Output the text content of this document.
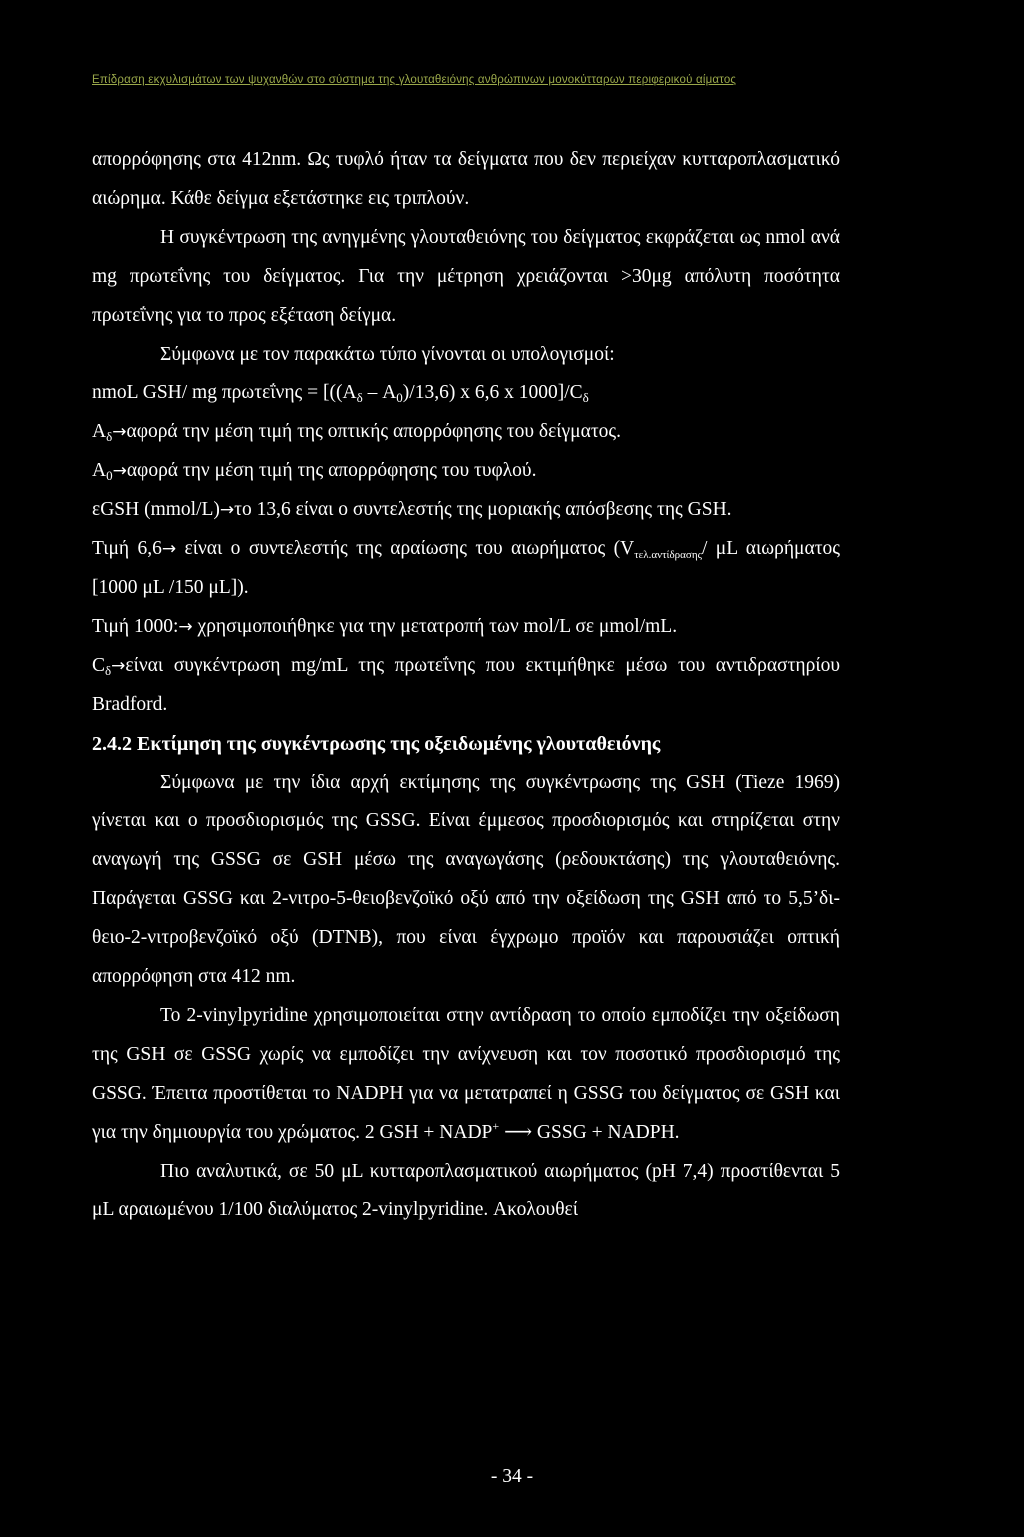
Επίδραση εκχυλισμάτων των ψυχανθών στο σύστημα της γλουταθειόνης ανθρώπινων μονοκύτταρων περιφερικού αίματος

απορρόφησης στα 412nm. Ως τυφλό ήταν τα δείγματα που δεν περιείχαν κυτταροπλασματικό αιώρημα. Κάθε δείγμα εξετάστηκε εις τριπλούν.

Η συγκέντρωση της ανηγμένης γλουταθειόνης του δείγματος εκφράζεται ως nmol ανά mg πρωτεΐνης του δείγματος. Για την μέτρηση χρειάζονται >30μg απόλυτη ποσότητα πρωτεΐνης για το προς εξέταση δείγμα.

Σύμφωνα με τον παρακάτω τύπο γίνονται οι υπολογισμοί:

nmoL GSH/ mg $\pi\rho\omega\tau\varepsilon ΐ\nu\eta\varsigma = [((A_\delta - A_0)/13,6)$ x 6,6 x $1000]/C_\delta$

$A_\delta\to\alpha\varphi o\rho ά$ την μέση τιμή της οπτικής απορρόφησης του δείγματος.

$A_0\to\alpha\varphi o\rho ά$ την μέση τιμή της απορρόφησης του τυφλού.

εGSH (mmol/L)→το 13,6 είναι ο συντελεστής της μοριακής απόσβεσης της GSH.

Τιμή 6,6→ είναι ο συντελεστής της αραίωσης του αιωρήματος ($V_{\tau\varepsilon\lambda.\alpha\nu\tau ί\delta\rho\alpha\sigma\eta\varsigma}/$ μL αιωρήματος [1000 μL /150 μL]).

Τιμή 1000:→ χρησιμοποιήθηκε για την μετατροπή των mol/L σε μmol/mL.

$C_\delta\to\varepsilon ί\nu\alpha\iota$ συγκέντρωση mg/mL της πρωτεΐνης που εκτιμήθηκε μέσω του αντιδραστηρίου Bradford.

2.4.2 Εκτίμηση της συγκέντρωσης της οξειδωμένης γλουταθειόνης

Σύμφωνα με την ίδια αρχή εκτίμησης της συγκέντρωσης της GSH (Tieze 1969) γίνεται και ο προσδιορισμός της GSSG. Είναι έμμεσος προσδιορισμός και στηρίζεται στην αναγωγή της GSSG σε GSH μέσω της αναγωγάσης (ρεδουκτάσης) της γλουταθειόνης. Παράγεται GSSG και 2-νιτρο-5-θειοβενζοϊκό οξύ από την οξείδωση της GSH από το 5,5’δι-θειο-2-νιτροβενζοϊκό οξύ (DTNB), που είναι έγχρωμο προϊόν και παρουσιάζει οπτική απορρόφηση στα 412 nm.

Το 2-vinylpyridine χρησιμοποιείται στην αντίδραση το οποίο εμποδίζει την οξείδωση της GSH σε GSSG χωρίς να εμποδίζει την ανίχνευση και τον ποσοτικό προσδιορισμό της GSSG. Έπειτα προστίθεται το NADPH για να μετατραπεί η GSSG του δείγματος σε GSH και για την δημιουργία του χρώματος. 2 GSH + NADP+ ⟶ GSSG + NADPH.

Πιο αναλυτικά, σε 50 μL κυτταροπλασματικού αιωρήματος (pH 7,4) προστίθενται 5 μL αραιωμένου 1/100 διαλύματος 2-vinylpyridine. Ακολουθεί

- 34 -
